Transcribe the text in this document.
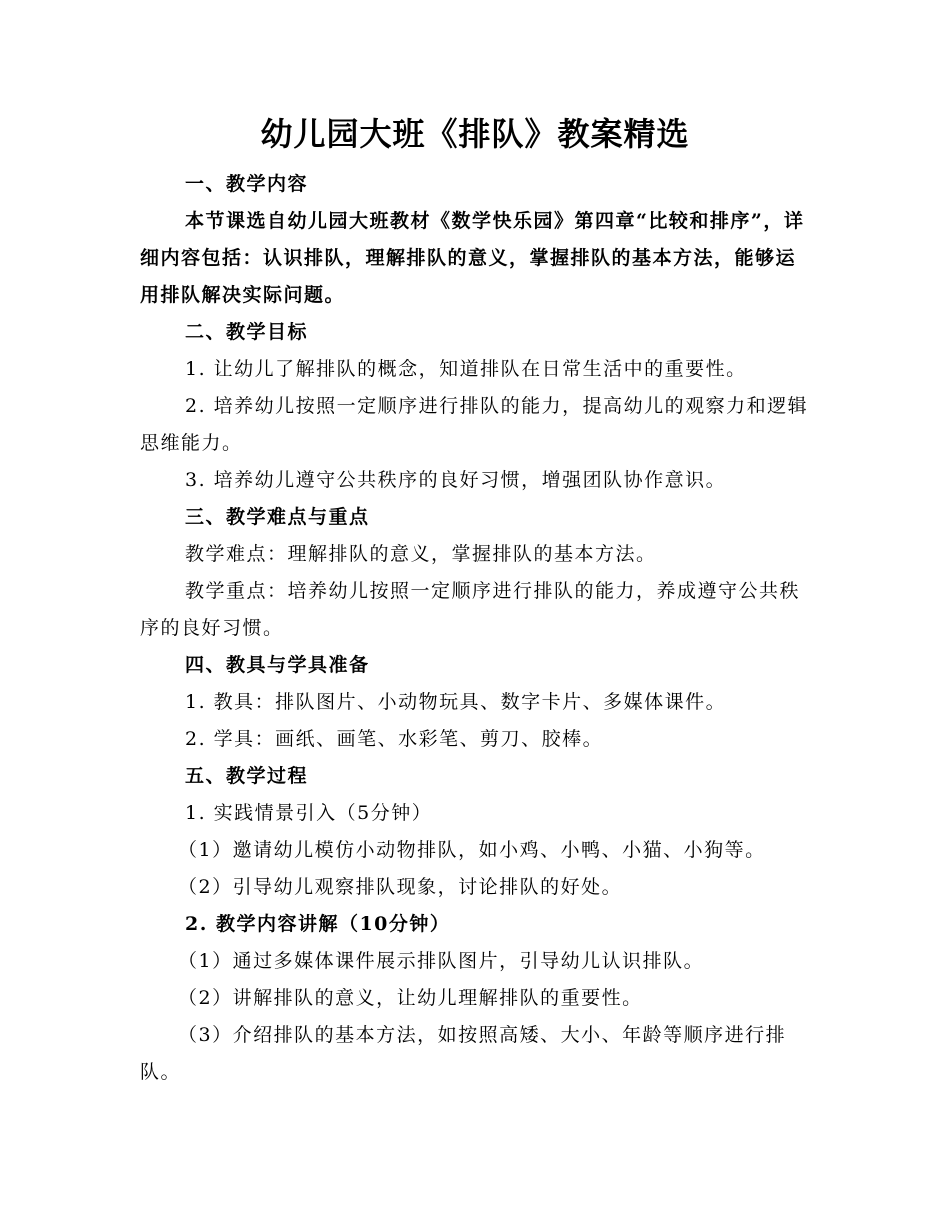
幼儿园大班《排队》教案精选

一、教学内容

本节课选自幼儿园大班教材《数学快乐园》第四章“比较和排序”，详细内容包括：认识排队，理解排队的意义，掌握排队的基本方法，能够运用排队解决实际问题。

二、教学目标

1. 让幼儿了解排队的概念，知道排队在日常生活中的重要性。

2. 培养幼儿按照一定顺序进行排队的能力，提高幼儿的观察力和逻辑思维能力。

3. 培养幼儿遵守公共秩序的良好习惯，增强团队协作意识。

三、教学难点与重点

教学难点：理解排队的意义，掌握排队的基本方法。

教学重点：培养幼儿按照一定顺序进行排队的能力，养成遵守公共秩序的良好习惯。

四、教具与学具准备

1. 教具：排队图片、小动物玩具、数字卡片、多媒体课件。

2. 学具：画纸、画笔、水彩笔、剪刀、胶棒。

五、教学过程

1. 实践情景引入（5分钟）

（1）邀请幼儿模仿小动物排队，如小鸡、小鸭、小猫、小狗等。

（2）引导幼儿观察排队现象，讨论排队的好处。

2. 教学内容讲解（10分钟）

（1）通过多媒体课件展示排队图片，引导幼儿认识排队。

（2）讲解排队的意义，让幼儿理解排队的重要性。

（3）介绍排队的基本方法，如按照高矮、大小、年龄等顺序进行排队。
